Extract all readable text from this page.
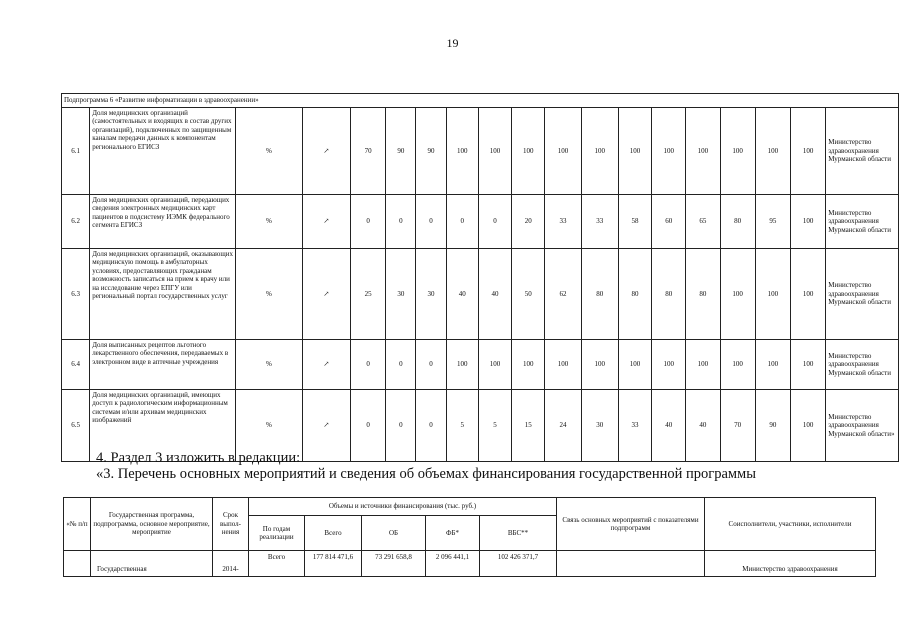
19
Подпрограмма 6 «Развитие информатизации в здравоохранении»																		
6.1	Доля медицинских организаций (самостоятельных и входящих в состав других организаций), подключенных по защищенным каналам передачи данных к компонентам регионального ЕГИСЗ	%	↗	70	90	90	100	100	100	100	100	100	100	100	100	100	100	Министерство здравоохранения Мурманской области
6.2	Доля медицинских организаций, передающих сведения электронных медицинских карт пациентов в подсистему ИЭМК федерального сегмента ЕГИСЗ	%	↗	0	0	0	0	0	20	33	33	58	60	65	80	95	100	Министерство здравоохранения Мурманской области
6.3	Доля медицинских организаций, оказывающих медицинскую помощь в амбулаторных условиях, предоставляющих гражданам возможность записаться на прием к врачу или на исследование через ЕПГУ или региональный портал государственных услуг	%	↗	25	30	30	40	40	50	62	80	80	80	80	100	100	100	Министерство здравоохранения Мурманской области
6.4	Доля выписанных рецептов льготного лекарственного обеспечения, передаваемых в электронном виде в аптечные учреждения	%	↗	0	0	0	100	100	100	100	100	100	100	100	100	100	100	Министерство здравоохранения Мурманской области
6.5	Доля медицинских организаций, имеющих доступ к радиологическим информационным системам и/или архивам медицинских изображений	%	↗	0	0	0	5	5	15	24	30	33	40	40	70	90	100	Министерство здравоохранения Мурманской области»
4. Раздел 3 изложить в редакции:
«3. Перечень основных мероприятий и сведения об объемах финансирования государственной программы
«№ п/п	Государственная программа, подпрограмма, основное мероприятие, мероприятие	Срок выпол-нения	Объемы и источники финансирования (тыс. руб.)					Связь основных мероприятий с показателями подпрограмм	Соисполнители, участники, исполнители
			По годам реализации	Всего	ОБ	ФБ*	ВБС**		
	Государственная	2014-	Всего	177 814 471,6	73 291 658,8	2 096 441,1	102 426 371,7		Министерство здравоохранения
